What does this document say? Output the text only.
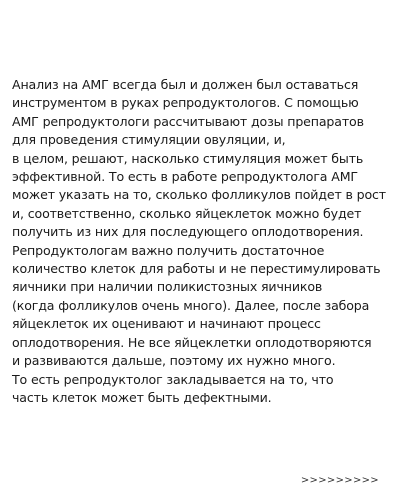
Анализ на АМГ всегда был и должен был оставаться
инструментом в руках репродуктологов. С помощью
АМГ репродуктологи рассчитывают дозы препаратов
для проведения стимуляции овуляции, и,
в целом, решают, насколько стимуляция может быть
эффективной. То есть в работе репродуктолога АМГ
может указать на то, сколько фолликулов пойдет в рост
и, соответственно, сколько яйцеклеток можно будет
получить из них для последующего оплодотворения.
Репродуктологам важно получить достаточное
количество клеток для работы и не перестимулировать
яичники при наличии поликистозных яичников
(когда фолликулов очень много). Далее, после забора
яйцеклеток их оценивают и начинают процесс
оплодотворения. Не все яйцеклетки оплодотворяются
и развиваются дальше, поэтому их нужно много.
То есть репродуктолог закладывается на то, что
часть клеток может быть дефектными.
>>>>>>>>>
